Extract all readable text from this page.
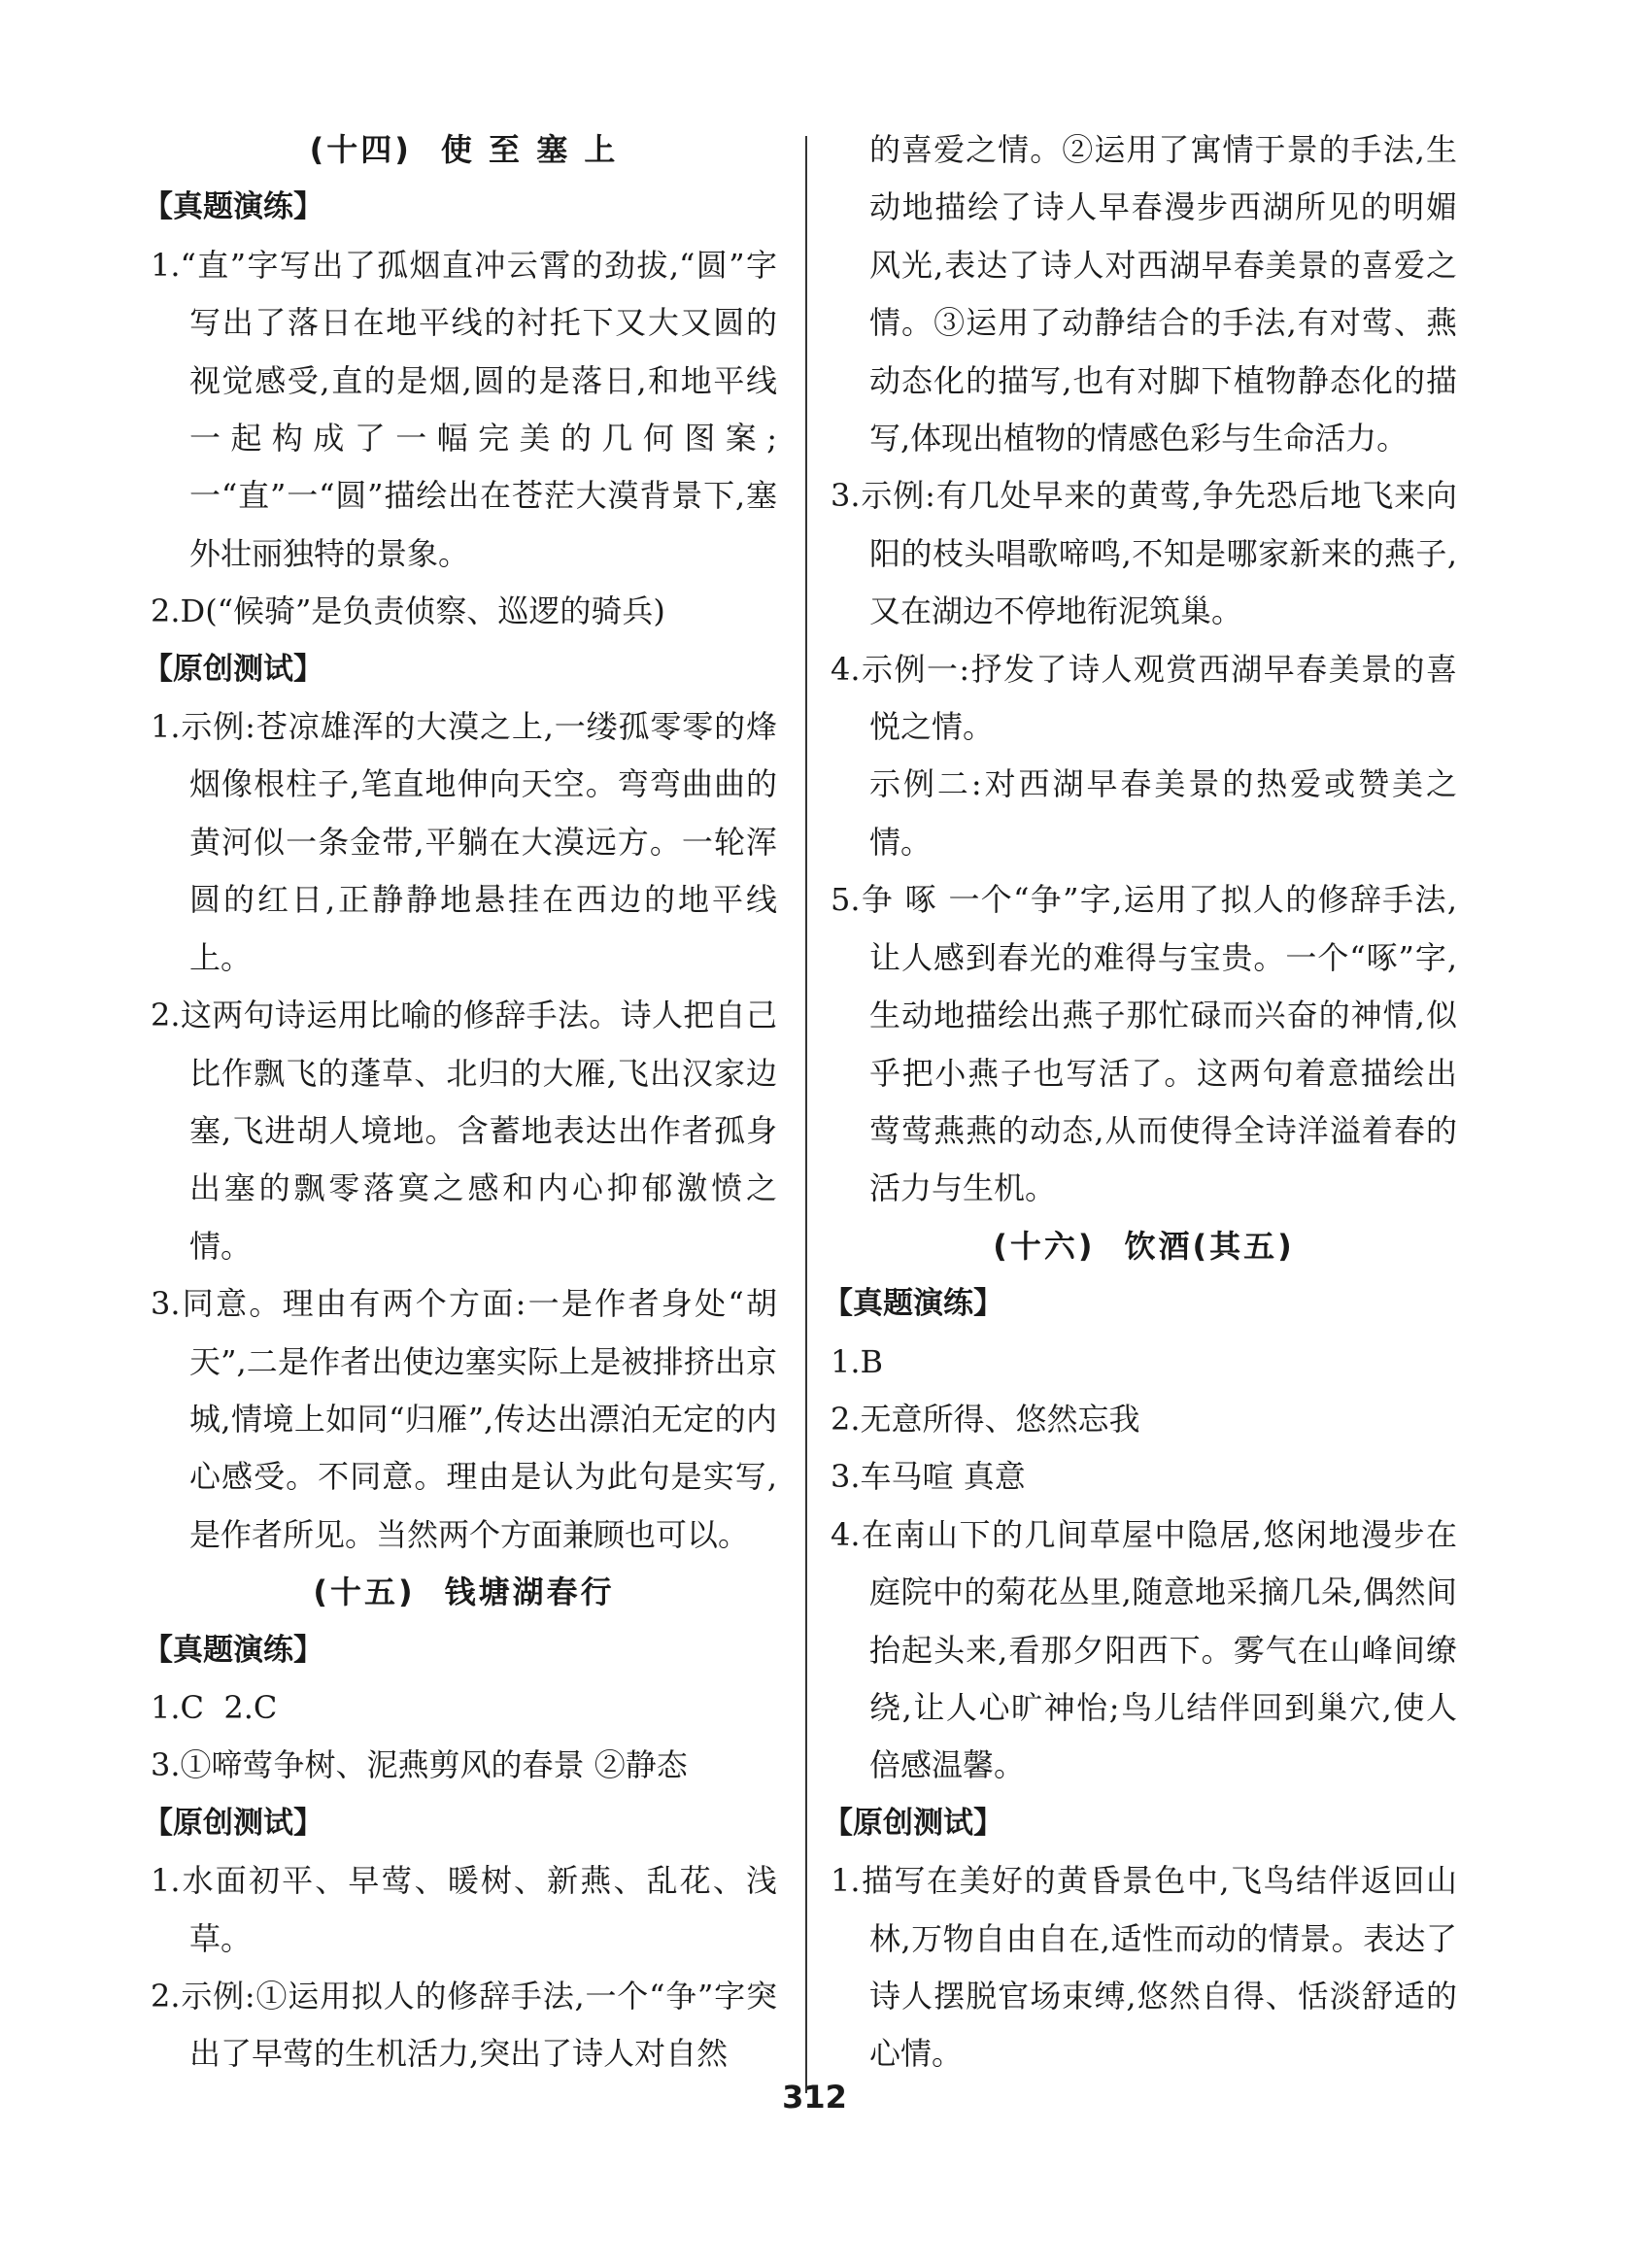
(十四) 使 至 塞 上
【真题演练】
1.“直”字写出了孤烟直冲云霄的劲拔,“圆”字写出了落日在地平线的衬托下又大又圆的视觉感受,直的是烟,圆的是落日,和地平线一起构成了一幅完美的几何图案;一“直”一“圆”描绘出在苍茫大漠背景下,塞外壮丽独特的景象。
2.D(“候骑”是负责侦察、巡逻的骑兵)
【原创测试】
1.示例:苍凉雄浑的大漠之上,一缕孤零零的烽烟像根柱子,笔直地伸向天空。弯弯曲曲的黄河似一条金带,平躺在大漠远方。一轮浑圆的红日,正静静地悬挂在西边的地平线上。
2.这两句诗运用比喻的修辞手法。诗人把自己比作飘飞的蓬草、北归的大雁,飞出汉家边塞,飞进胡人境地。含蓄地表达出作者孤身出塞的飘零落寞之感和内心抑郁激愤之情。
3.同意。理由有两个方面:一是作者身处“胡天”,二是作者出使边塞实际上是被排挤出京城,情境上如同“归雁”,传达出漂泊无定的内心感受。不同意。理由是认为此句是实写,是作者所见。当然两个方面兼顾也可以。
(十五) 钱塘湖春行
【真题演练】
1.C  2.C
3.①啼莺争树、泥燕剪风的春景 ②静态
【原创测试】
1.水面初平、早莺、暖树、新燕、乱花、浅草。
2.示例:①运用拟人的修辞手法,一个“争”字突出了早莺的生机活力,突出了诗人对自然
的喜爱之情。②运用了寓情于景的手法,生动地描绘了诗人早春漫步西湖所见的明媚风光,表达了诗人对西湖早春美景的喜爱之情。③运用了动静结合的手法,有对莺、燕动态化的描写,也有对脚下植物静态化的描写,体现出植物的情感色彩与生命活力。
3.示例:有几处早来的黄莺,争先恐后地飞来向阳的枝头唱歌啼鸣,不知是哪家新来的燕子,又在湖边不停地衔泥筑巢。
4.示例一:抒发了诗人观赏西湖早春美景的喜悦之情。
示例二:对西湖早春美景的热爱或赞美之情。
5.争 啄 一个“争”字,运用了拟人的修辞手法,让人感到春光的难得与宝贵。一个“啄”字,生动地描绘出燕子那忙碌而兴奋的神情,似乎把小燕子也写活了。这两句着意描绘出莺莺燕燕的动态,从而使得全诗洋溢着春的活力与生机。
(十六) 饮酒(其五)
【真题演练】
1.B
2.无意所得、悠然忘我
3.车马喧 真意
4.在南山下的几间草屋中隐居,悠闲地漫步在庭院中的菊花丛里,随意地采摘几朵,偶然间抬起头来,看那夕阳西下。雾气在山峰间缭绕,让人心旷神怡;鸟儿结伴回到巢穴,使人倍感温馨。
【原创测试】
1.描写在美好的黄昏景色中,飞鸟结伴返回山林,万物自由自在,适性而动的情景。表达了诗人摆脱官场束缚,悠然自得、恬淡舒适的心情。
312
